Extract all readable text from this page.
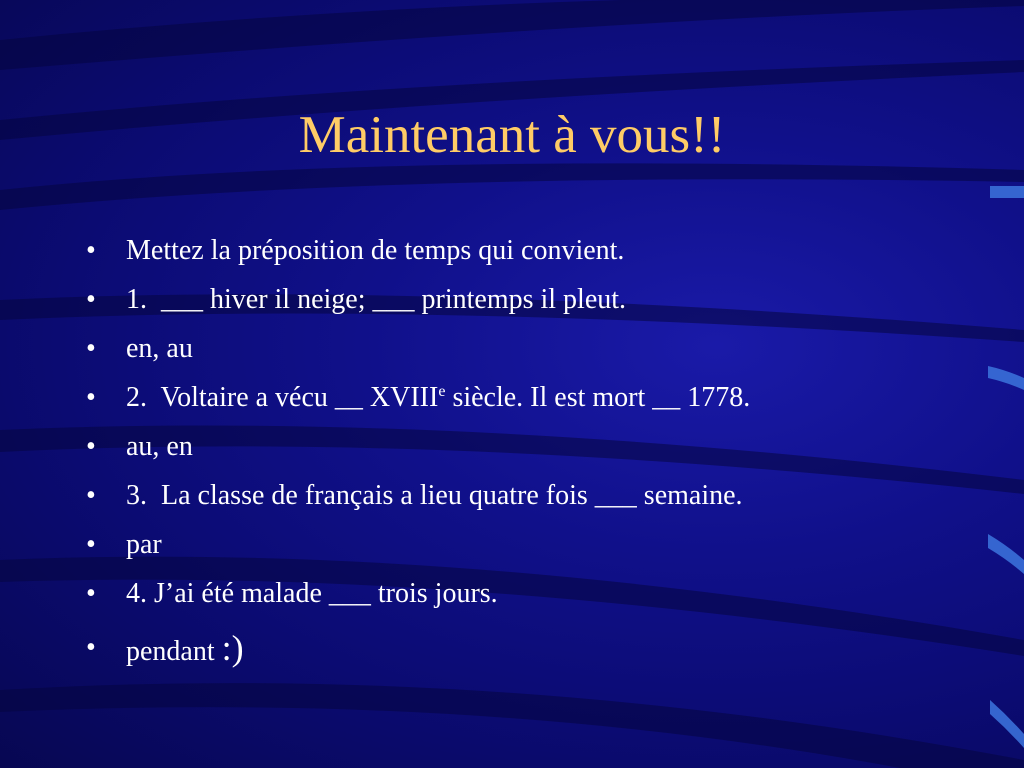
Maintenant à vous!!
•	Mettez la préposition de temps qui convient.
•	1.  ___ hiver il neige; ___ printemps il pleut.
•	en, au
•	2.  Voltaire a vécu __ XVIIIe siècle. Il est mort __ 1778.
•	au, en
•	3.  La classe de français a lieu quatre fois ___ semaine.
•	par
•	4. J’ai été malade ___ trois jours.
•	pendant :)
